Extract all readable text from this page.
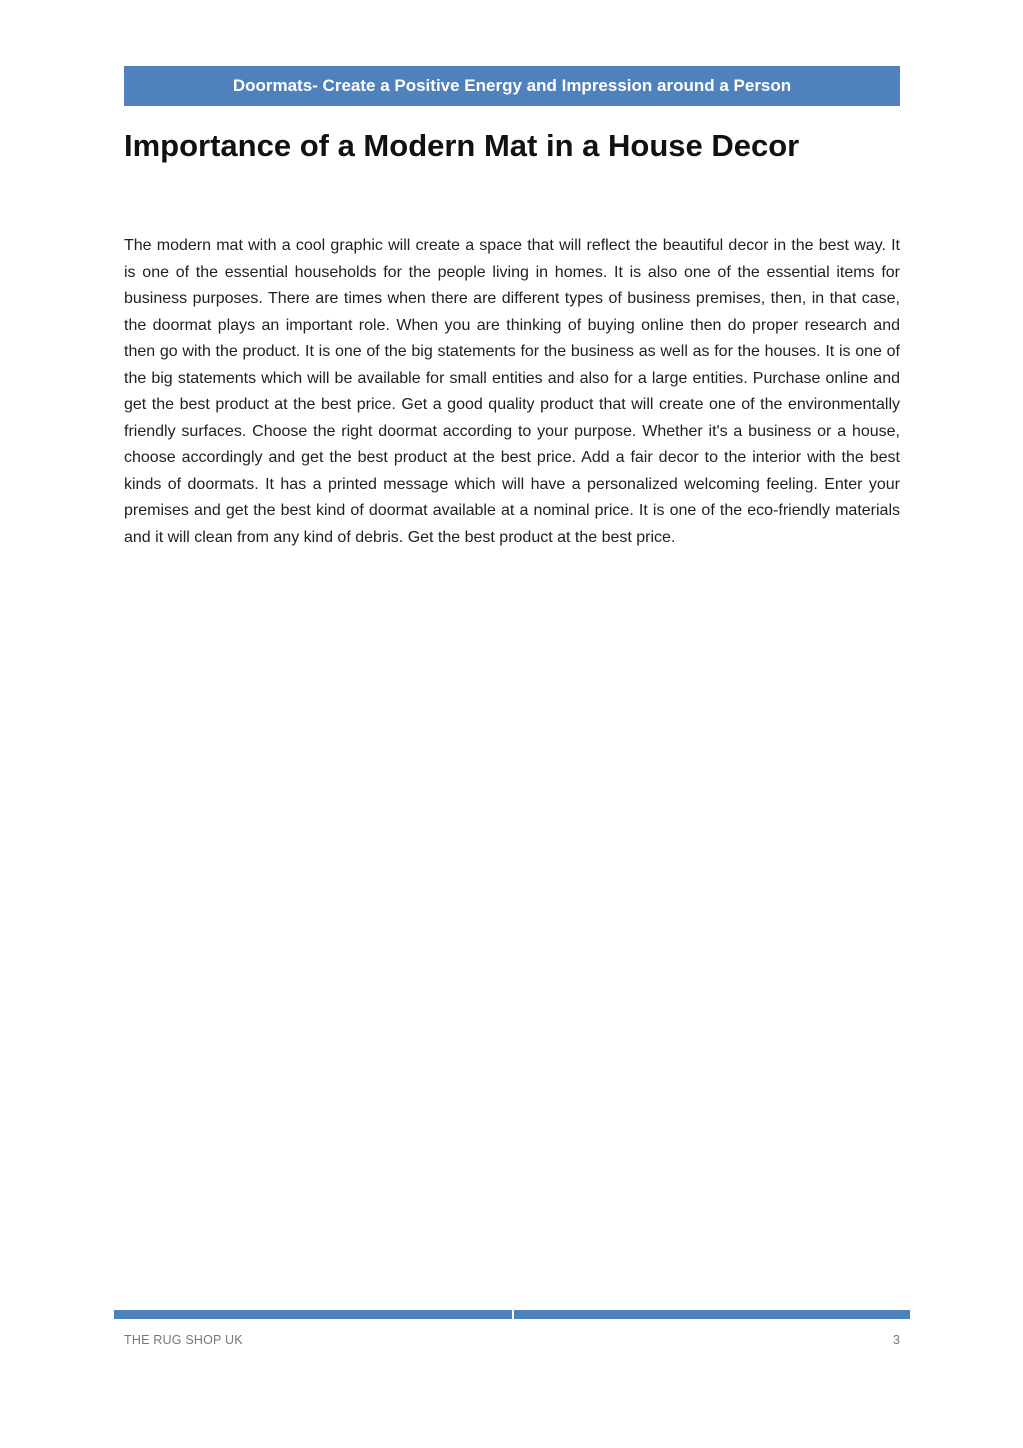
Doormats- Create a Positive Energy and Impression around a Person
Importance of a Modern Mat in a House Decor

The modern mat with a cool graphic will create a space that will reflect the beautiful decor in the best way. It is one of the essential households for the people living in homes. It is also one of the essential items for business purposes. There are times when there are different types of business premises, then, in that case, the doormat plays an important role. When you are thinking of buying online then do proper research and then go with the product. It is one of the big statements for the business as well as for the houses. It is one of the big statements which will be available for small entities and also for a large entities. Purchase online and get the best product at the best price. Get a good quality product that will create one of the environmentally friendly surfaces. Choose the right doormat according to your purpose. Whether it's a business or a house, choose accordingly and get the best product at the best price. Add a fair decor to the interior with the best kinds of doormats. It has a printed message which will have a personalized welcoming feeling. Enter your premises and get the best kind of doormat available at a nominal price. It is one of the eco-friendly materials and it will clean from any kind of debris. Get the best product at the best price.

THE RUG SHOP UK	3
